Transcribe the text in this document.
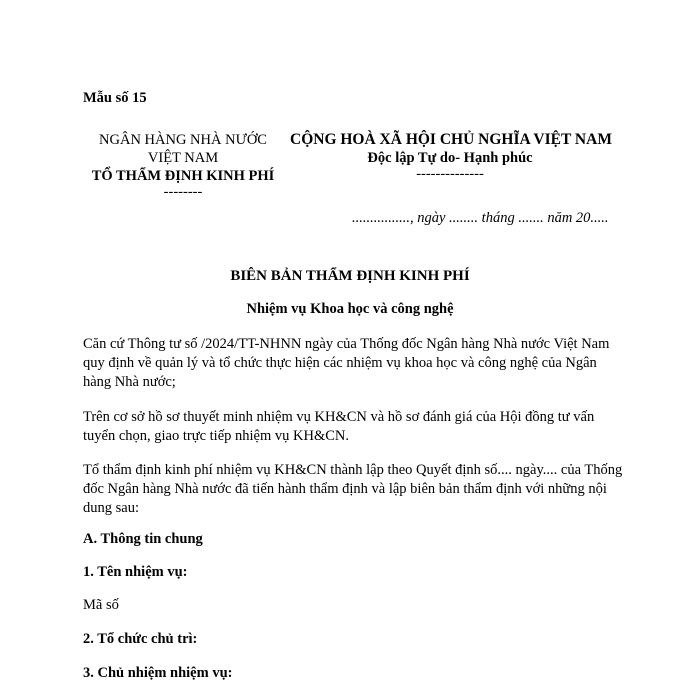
Mẫu số 15
NGÂN HÀNG NHÀ NƯỚC
VIỆT NAM
TỔ THẨM ĐỊNH KINH PHÍ
--------
CỘNG HOÀ XÃ HỘI CHỦ NGHĨA VIỆT NAM
Độc lập Tự do- Hạnh phúc
--------------
................, ngày ........ tháng ....... năm 20.....
BIÊN BẢN THẨM ĐỊNH KINH PHÍ
Nhiệm vụ Khoa học và công nghệ
Căn cứ Thông tư số /2024/TT-NHNN ngày của Thống đốc Ngân hàng Nhà nước Việt Nam quy định về quản lý và tổ chức thực hiện các nhiệm vụ khoa học và công nghệ của Ngân hàng Nhà nước;
Trên cơ sở hồ sơ thuyết minh nhiệm vụ KH&CN và hồ sơ đánh giá của Hội đồng tư vấn tuyển chọn, giao trực tiếp nhiệm vụ KH&CN.
Tổ thẩm định kinh phí nhiệm vụ KH&CN thành lập theo Quyết định số.... ngày.... của Thống đốc Ngân hàng Nhà nước đã tiến hành thẩm định và lập biên bản thẩm định với những nội dung sau:
A. Thông tin chung
1. Tên nhiệm vụ:
Mã số
2. Tổ chức chủ trì:
3. Chủ nhiệm nhiệm vụ:
